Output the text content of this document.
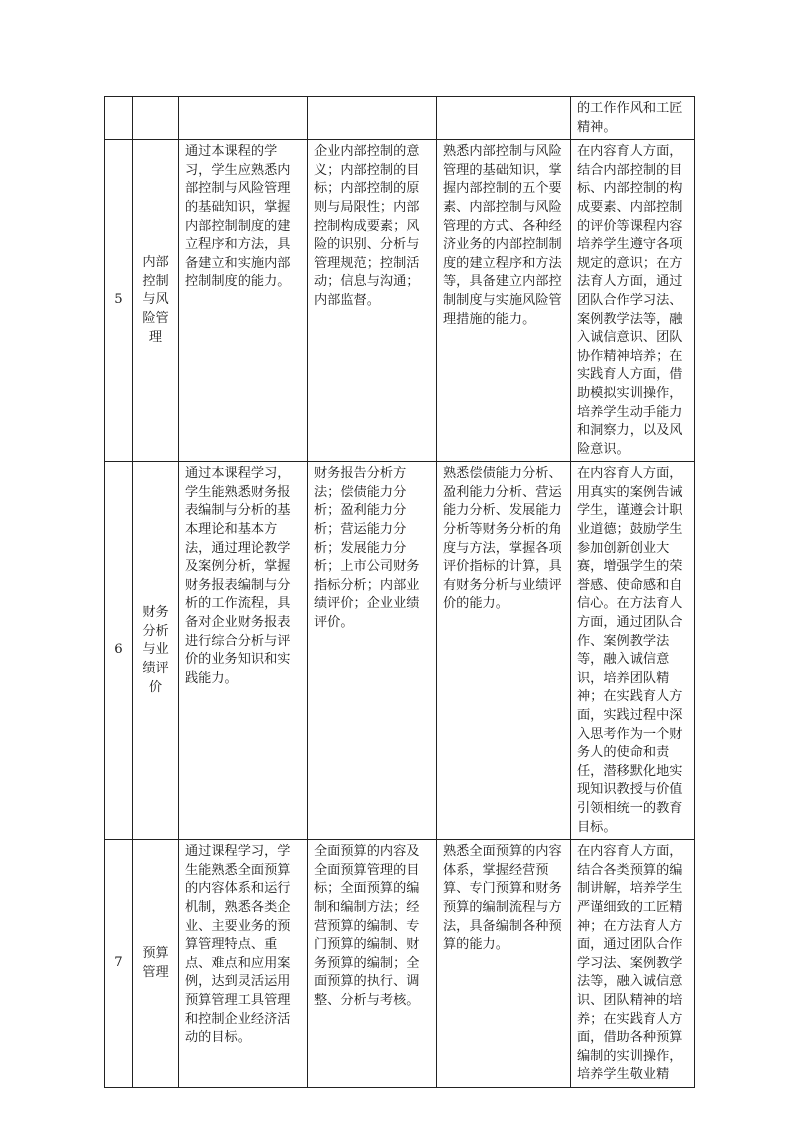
					的工作作风和工匠精神。
5	内部控制与风险管理	通过本课程的学习，学生应熟悉内部控制与风险管理的基础知识，掌握内部控制制度的建立程序和方法，具备建立和实施内部控制制度的能力。	企业内部控制的意义；内部控制的目标；内部控制的原则与局限性；内部控制构成要素；风险的识别、分析与管理规范；控制活动；信息与沟通；内部监督。	熟悉内部控制与风险管理的基础知识，掌握内部控制的五个要素、内部控制与风险管理的方式、各种经济业务的内部控制制度的建立程序和方法等，具备建立内部控制制度与实施风险管理措施的能力。	在内容育人方面，结合内部控制的目标、内部控制的构成要素、内部控制的评价等课程内容培养学生遵守各项规定的意识；在方法育人方面，通过团队合作学习法、案例教学法等，融入诚信意识、团队协作精神培养；在实践育人方面，借助模拟实训操作，培养学生动手能力和洞察力，以及风险意识。
6	财务分析与业绩评价	通过本课程学习，学生能熟悉财务报表编制与分析的基本理论和基本方法，通过理论教学及案例分析，掌握财务报表编制与分析的工作流程，具备对企业财务报表进行综合分析与评价的业务知识和实践能力。	财务报告分析方法；偿债能力分析；盈利能力分析；营运能力分析；发展能力分析；上市公司财务指标分析；内部业绩评价；企业业绩评价。	熟悉偿债能力分析、盈利能力分析、营运能力分析、发展能力分析等财务分析的角度与方法，掌握各项评价指标的计算，具有财务分析与业绩评价的能力。	在内容育人方面，用真实的案例告诫学生，谨遵会计职业道德；鼓励学生参加创新创业大赛，增强学生的荣誉感、使命感和自信心。在方法育人方面，通过团队合作、案例教学法等，融入诚信意识，培养团队精神；在实践育人方面，实践过程中深入思考作为一个财务人的使命和责任，潜移默化地实现知识教授与价值引领相统一的教育目标。
7	预算管理	通过课程学习，学生能熟悉全面预算的内容体系和运行机制，熟悉各类企业、主要业务的预算管理特点、重点、难点和应用案例，达到灵活运用预算管理工具管理和控制企业经济活动的目标。	全面预算的内容及全面预算管理的目标；全面预算的编制和编制方法；经营预算的编制、专门预算的编制、财务预算的编制；全面预算的执行、调整、分析与考核。	熟悉全面预算的内容体系，掌握经营预算、专门预算和财务预算的编制流程与方法，具备编制各种预算的能力。	在内容育人方面，结合各类预算的编制讲解，培养学生严谨细致的工匠精神；在方法育人方面，通过团队合作学习法、案例教学法等，融入诚信意识、团队精神的培养；在实践育人方面，借助各种预算编制的实训操作，培养学生敬业精
